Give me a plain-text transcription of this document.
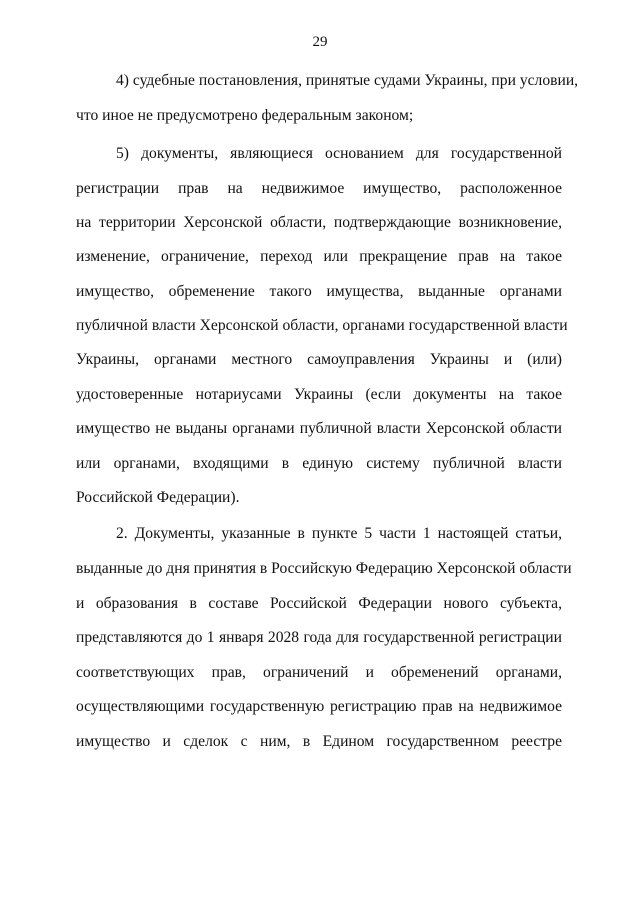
29
4) судебные постановления, принятые судами Украины, при условии,
что иное не предусмотрено федеральным законом;
5) документы, являющиеся основанием для государственной
регистрации прав на недвижимое имущество, расположенное
на территории Херсонской области, подтверждающие возникновение,
изменение, ограничение, переход или прекращение прав на такое
имущество, обременение такого имущества, выданные органами
публичной власти Херсонской области, органами государственной власти
Украины, органами местного самоуправления Украины и (или)
удостоверенные нотариусами Украины (если документы на такое
имущество не выданы органами публичной власти Херсонской области
или органами, входящими в единую систему публичной власти
Российской Федерации).
2. Документы, указанные в пункте 5 части 1 настоящей статьи,
выданные до дня принятия в Российскую Федерацию Херсонской области
и образования в составе Российской Федерации нового субъекта,
представляются до 1 января 2028 года для государственной регистрации
соответствующих прав, ограничений и обременений органами,
осуществляющими государственную регистрацию прав на недвижимое
имущество и сделок с ним, в Едином государственном реестре
